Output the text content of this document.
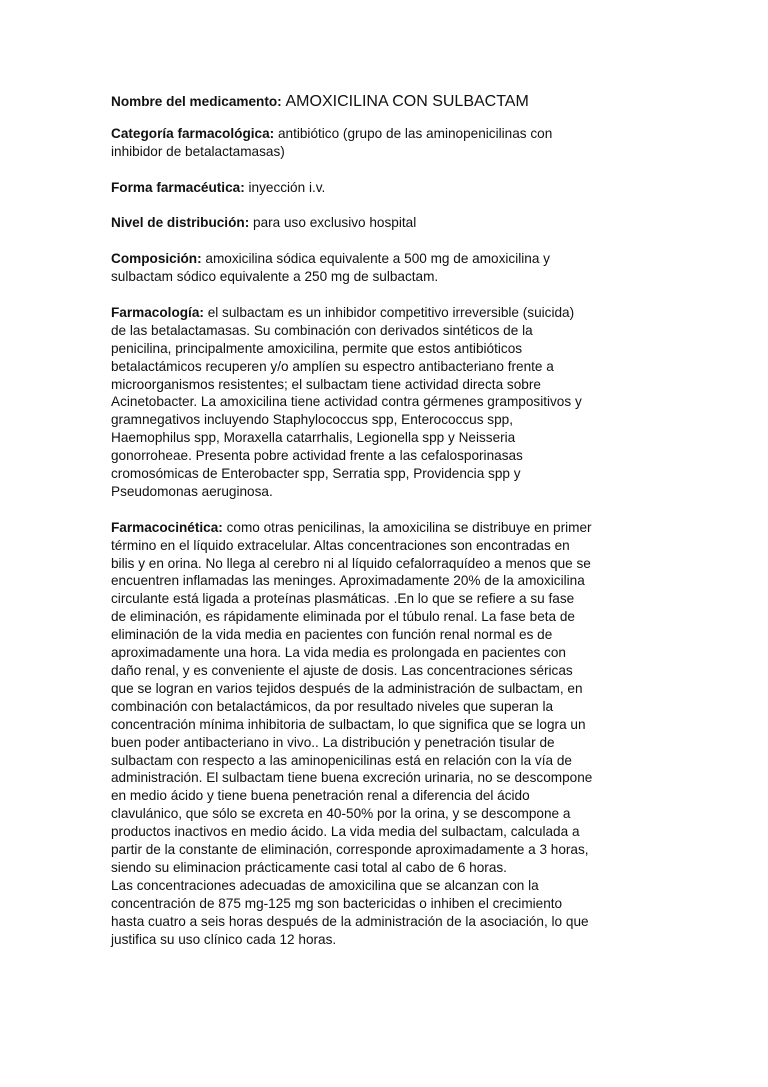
Nombre del medicamento: AMOXICILINA CON SULBACTAM

Categoría farmacológica: antibiótico (grupo de las aminopenicilinas con
inhibidor de betalactamasas)

Forma farmacéutica: inyección i.v.

Nivel de distribución: para uso exclusivo hospital

Composición: amoxicilina sódica equivalente a 500 mg de amoxicilina y
sulbactam sódico equivalente a 250 mg de sulbactam.

Farmacología: el sulbactam es un inhibidor competitivo irreversible (suicida)
de las betalactamasas. Su combinación con derivados sintéticos de la
penicilina, principalmente amoxicilina, permite que estos antibióticos
betalactámicos recuperen y/o amplíen su espectro antibacteriano frente a
microorganismos resistentes; el sulbactam tiene actividad directa sobre
Acinetobacter. La amoxicilina tiene actividad contra gérmenes grampositivos y
gramnegativos incluyendo Staphylococcus spp, Enterococcus spp,
Haemophilus spp, Moraxella catarrhalis, Legionella spp y Neisseria
gonorroheae. Presenta pobre actividad frente a las cefalosporinasas
cromosómicas de Enterobacter spp, Serratia spp, Providencia spp y
Pseudomonas aeruginosa.

Farmacocinética: como otras penicilinas, la amoxicilina se distribuye en primer
término en el líquido extracelular. Altas concentraciones son encontradas en
bilis y en orina. No llega al cerebro ni al líquido cefalorraquídeo a menos que se
encuentren inflamadas las meninges. Aproximadamente 20% de la amoxicilina
circulante está ligada a proteínas plasmáticas. .En lo que se refiere a su fase
de eliminación, es rápidamente eliminada por el túbulo renal. La fase beta de
eliminación de la vida media en pacientes con función renal normal es de
aproximadamente una hora. La vida media es prolongada en pacientes con
daño renal, y es conveniente el ajuste de dosis. Las concentraciones séricas
que se logran en varios tejidos después de la administración de sulbactam, en
combinación con betalactámicos, da por resultado niveles que superan la
concentración mínima inhibitoria de sulbactam, lo que significa que se logra un
buen poder antibacteriano in vivo.. La distribución y penetración tisular de
sulbactam con respecto a las aminopenicilinas está en relación con la vía de
administración. El sulbactam tiene buena excreción urinaria, no se descompone
en medio ácido y tiene buena penetración renal a diferencia del ácido
clavulánico, que sólo se excreta en 40-50% por la orina, y se descompone a
productos inactivos en medio ácido. La vida media del sulbactam, calculada a
partir de la constante de eliminación, corresponde aproximadamente a 3 horas,
siendo su eliminacion prácticamente casi total al cabo de 6 horas.
Las concentraciones adecuadas de amoxicilina que se alcanzan con la
concentración de 875 mg-125 mg son bactericidas o inhiben el crecimiento
hasta cuatro a seis horas después de la administración de la asociación, lo que
justifica su uso clínico cada 12 horas.
